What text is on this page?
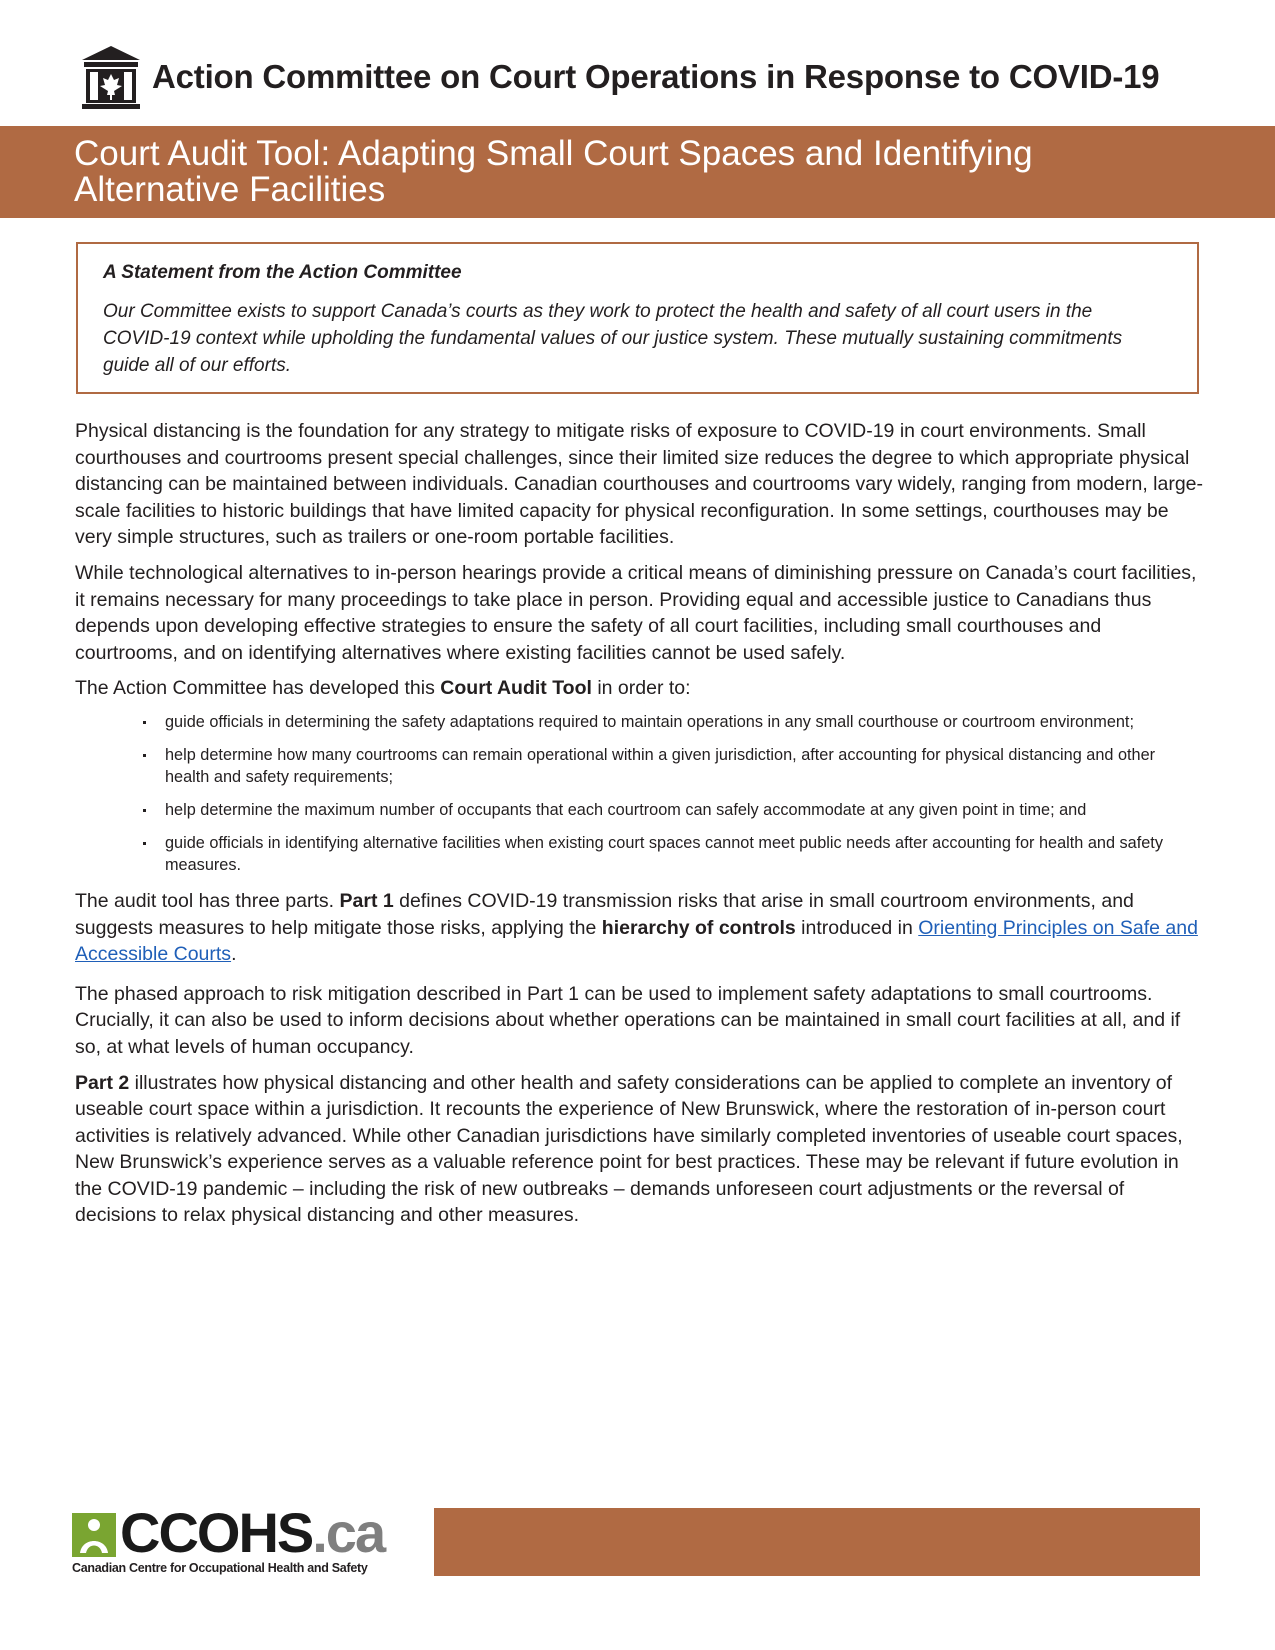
Action Committee on Court Operations in Response to COVID-19
Court Audit Tool: Adapting Small Court Spaces and Identifying Alternative Facilities
A Statement from the Action Committee
Our Committee exists to support Canada’s courts as they work to protect the health and safety of all court users in the COVID-19 context while upholding the fundamental values of our justice system. These mutually sustaining commitments guide all of our efforts.

Physical distancing is the foundation for any strategy to mitigate risks of exposure to COVID-19 in court environments. Small courthouses and courtrooms present special challenges, since their limited size reduces the degree to which appropriate physical distancing can be maintained between individuals. Canadian courthouses and courtrooms vary widely, ranging from modern, large-scale facilities to historic buildings that have limited capacity for physical reconfiguration. In some settings, courthouses may be very simple structures, such as trailers or one-room portable facilities.

While technological alternatives to in-person hearings provide a critical means of diminishing pressure on Canada’s court facilities, it remains necessary for many proceedings to take place in person. Providing equal and accessible justice to Canadians thus depends upon developing effective strategies to ensure the safety of all court facilities, including small courthouses and courtrooms, and on identifying alternatives where existing facilities cannot be used safely.

The Action Committee has developed this Court Audit Tool in order to:

guide officials in determining the safety adaptations required to maintain operations in any small courthouse or courtroom environment;
help determine how many courtrooms can remain operational within a given jurisdiction, after accounting for physical distancing and other health and safety requirements;
help determine the maximum number of occupants that each courtroom can safely accommodate at any given point in time; and
guide officials in identifying alternative facilities when existing court spaces cannot meet public needs after accounting for health and safety measures.

The audit tool has three parts. Part 1 defines COVID-19 transmission risks that arise in small courtroom environments, and suggests measures to help mitigate those risks, applying the hierarchy of controls introduced in Orienting Principles on Safe and Accessible Courts.

The phased approach to risk mitigation described in Part 1 can be used to implement safety adaptations to small courtrooms. Crucially, it can also be used to inform decisions about whether operations can be maintained in small court facilities at all, and if so, at what levels of human occupancy.

Part 2 illustrates how physical distancing and other health and safety considerations can be applied to complete an inventory of useable court space within a jurisdiction. It recounts the experience of New Brunswick, where the restoration of in-person court activities is relatively advanced. While other Canadian jurisdictions have similarly completed inventories of useable court spaces, New Brunswick’s experience serves as a valuable reference point for best practices. These may be relevant if future evolution in the COVID-19 pandemic – including the risk of new outbreaks – demands unforeseen court adjustments or the reversal of decisions to relax physical distancing and other measures.

CCOHS.ca
Canadian Centre for Occupational Health and Safety
